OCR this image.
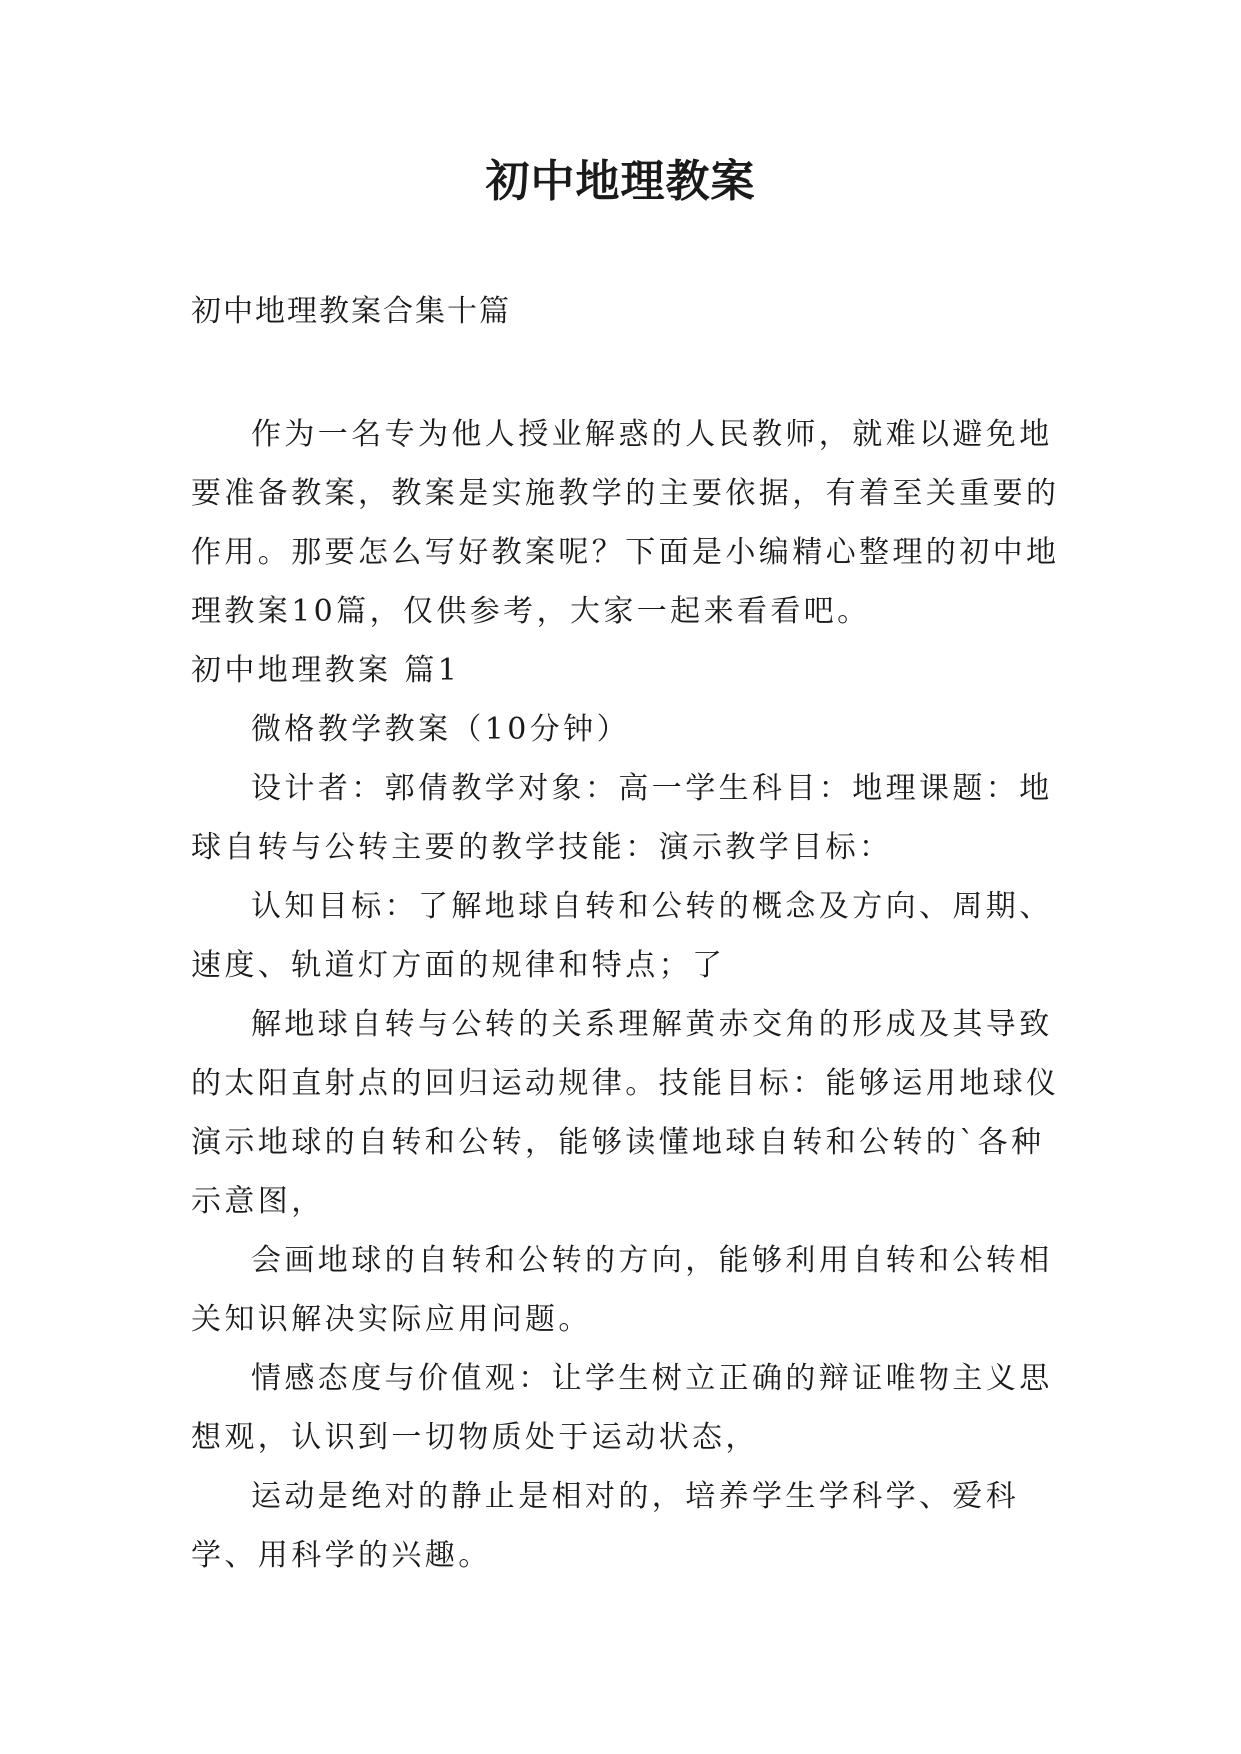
初中地理教案

初中地理教案合集十篇

作为一名专为他人授业解惑的人民教师，就难以避免地要准备教案，教案是实施教学的主要依据，有着至关重要的作用。那要怎么写好教案呢？下面是小编精心整理的初中地理教案10篇，仅供参考，大家一起来看看吧。

初中地理教案 篇1

微格教学教案（10分钟）

设计者：郭倩教学对象：高一学生科目：地理课题：地球自转与公转主要的教学技能：演示教学目标：

认知目标：了解地球自转和公转的概念及方向、周期、速度、轨道灯方面的规律和特点；了

解地球自转与公转的关系理解黄赤交角的形成及其导致的太阳直射点的回归运动规律。技能目标：能够运用地球仪演示地球的自转和公转，能够读懂地球自转和公转的`各种示意图，

会画地球的自转和公转的方向，能够利用自转和公转相关知识解决实际应用问题。

情感态度与价值观：让学生树立正确的辩证唯物主义思想观，认识到一切物质处于运动状态，

运动是绝对的静止是相对的，培养学生学科学、爱科学、用科学的兴趣。
